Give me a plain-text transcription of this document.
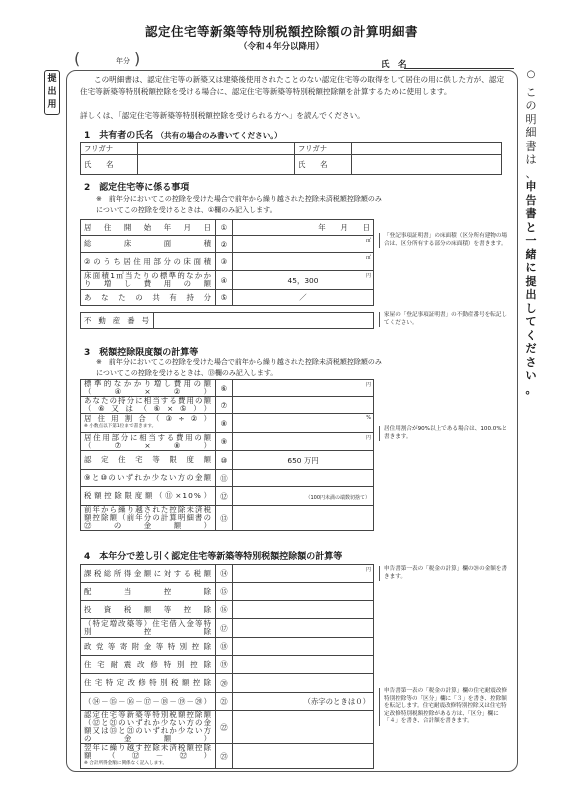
認定住宅等新築等特別税額控除額の計算明細書
（令和４年分以降用）
(	年分 )	氏　名
提出用
○
こ
の
明
細
書
は
、
申
告
書
と
一
緒
に
提
出
し
て
く
だ
さ
い
。
この明細書は、認定住宅等の新築又は建築後使用されたことのない認定住宅等の取得をして居住の用に供した方が、認定住宅等新築等特別税額控除を受ける場合に、認定住宅等新築等特別税額控除額を計算するために使用します。
詳しくは、「認定住宅等新築等特別税額控除を受けられる方へ」を読んでください。
1　共有者の氏名 （共有の場合のみ書いてください。）
フリガナ		フリガナ	
氏　　名		氏　　名	
2　認定住宅等に係る事項
※　前年分においてこの控除を受けた場合で前年から繰り越された控除未済税額控除額のみについてこの控除を受けるときは、①欄のみ記入します。
居住開始年月日	①	年　　月　　日
総床面積	②	㎡

②のうち居住用部分の床面積	③	㎡

床面積1㎡当たりの標準的なかかり増し費用の額	④	45，300 円

あなたの共有持分	⑤	／
不動産番号	
「登記事項証明書」の床面積（区分所有建物の場合は、区分所有する部分の床面積）を書きます。
家屋の「登記事項証明書」の不動産番号を転記してください。
3　税額控除限度額の計算等
※　前年分においてこの控除を受けた場合で前年から繰り越された控除未済税額控除額のみについてこの控除を受けるときは、⑬欄のみ記入します。
標準的なかかり増し費用の額（④×②）	⑥	円

あなたの持分に相当する費用の額（⑥又は（⑥×⑤））	⑦	
居住用割合（③÷②）
※ 小数点以下第1位まで書きます。	⑧	%

居住用部分に相当する費用の額（⑦×⑧）	⑨	円

認定住宅等限度額	⑩	650 万円
⑨と⑩のいずれか少ない方の金額	⑪	
税額控除限度額（⑪×10%）	⑫	（100円未満の端数切捨て）
前年から繰り越された控除未済税額控除額（前年分の計算明細書の㉒の金額）	⑬	
居住用割合が90%以上である場合は、100.0%と書きます。
4　本年分で差し引く認定住宅等新築等特別税額控除額の計算等
課税総所得金額に対する税額	⑭	円

配当控除	⑮	
投資税額等控除	⑯	
（特定増改築等）住宅借入金等特別控除	⑰	
政党等寄附金等特別控除	⑱	
住宅耐震改修特別控除	⑲	
住宅特定改修特別税額控除	⑳	
（⑭－⑮－⑯－⑰－⑱－⑲－⑳）	㉑	（赤字のときは０）
認定住宅等新築等特別税額控除額（⑫と㉑のいずれか少ない方の金額又は⑬と㉑のいずれか少ない方の金額）	㉒	
翌年に繰り越す控除未済税額控除額（⑫－㉒）
※ 合計所得金額に関係なく記入します。	㉓	
申告書第一表の「税金の計算」欄の⑳の金額を書きます。
申告書第一表の「税金の計算」欄の住宅耐震改修特別控除等の「区分」欄に「３」を書き、控除額を転記します。住宅耐震改修特別控除又は住宅特定改修特別税額控除がある方は、「区分」欄に「４」を書き、合計額を書きます。
